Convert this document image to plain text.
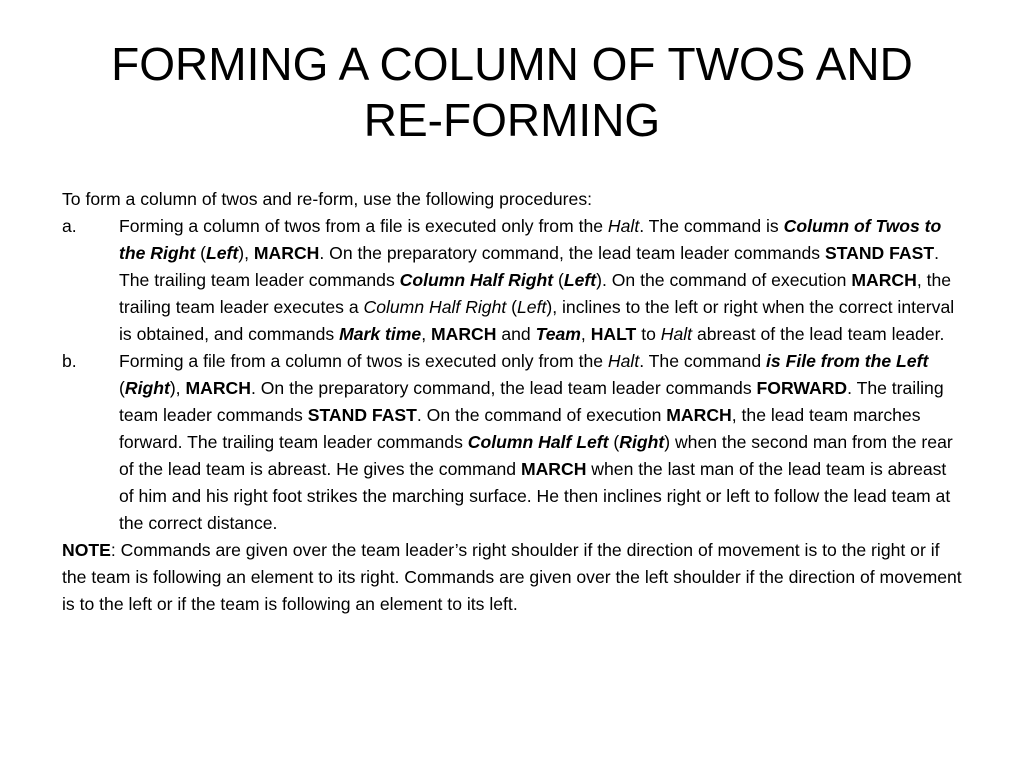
FORMING A COLUMN OF TWOS AND
RE-FORMING

To form a column of twos and re-form, use the following procedures:

a.	Forming a column of twos from a file is executed only from the Halt. The command is Column of Twos to the Right (Left), MARCH. On the preparatory command, the lead team leader commands STAND FAST. The trailing team leader commands Column Half Right (Left). On the command of execution MARCH, the trailing team leader executes a Column Half Right (Left), inclines to the left or right when the correct interval is obtained, and commands Mark time, MARCH and Team, HALT to Halt abreast of the lead team leader.
b.	Forming a file from a column of twos is executed only from the Halt. The command is File from the Left (Right), MARCH. On the preparatory command, the lead team leader commands FORWARD. The trailing team leader commands STAND FAST. On the command of execution MARCH, the lead team marches forward. The trailing team leader commands Column Half Left (Right) when the second man from the rear of the lead team is abreast. He gives the command MARCH when the last man of the lead team is abreast of him and his right foot strikes the marching surface. He then inclines right or left to follow the lead team at the correct distance.

NOTE: Commands are given over the team leader’s right shoulder if the direction of movement is to the right or if the team is following an element to its right. Commands are given over the left shoulder if the direction of movement is to the left or if the team is following an element to its left.
